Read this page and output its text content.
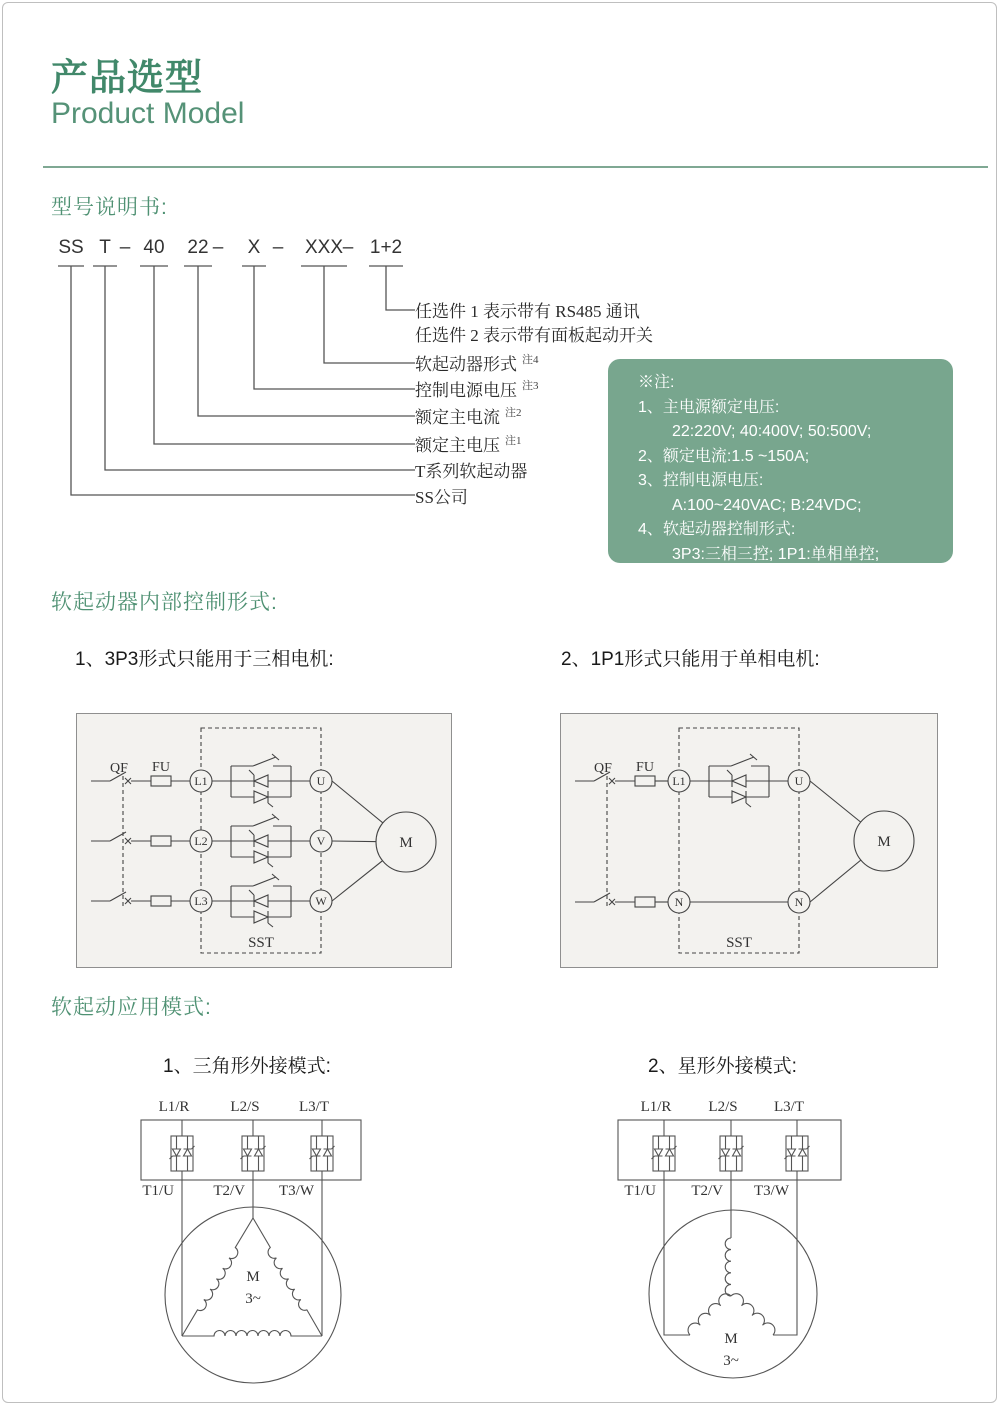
产品选型
Product Model
型号说明书:
SS T – 40 22 – X – XXX – 1+2
任选件 1 表示带有 RS485 通讯
任选件 2 表示带有面板起动开关
软起动器形式 $^{注4}$
控制电源电压 $^{注3}$
额定主电流 $^{注2}$
额定主电压 $^{注1}$
T系列软起动器
SS公司
※注:
1、主电源额定电压:
22:220V; 40:400V; 50:500V;
2、额定电流:1.5 ~150A;
3、控制电源电压:
A:100~240VAC; B:24VDC;
4、软起动器控制形式:
3P3:三相三控; 1P1:单相单控;
软起动器内部控制形式:
1、3P3形式只能用于三相电机:	2、1P1形式只能用于单相电机:
QF FU
L1
L2
L3
U
V
W
SST
M
QF FU
L1
N
U
N
SST
M
软起动应用模式:
1、三角形外接模式:	2、星形外接模式:
L1/R	L2/S	L3/T
T1/U	T2/V T3/W
M
3~
L1/R L2/S L3/T
T1/U T2/V T3/W
M
3~
